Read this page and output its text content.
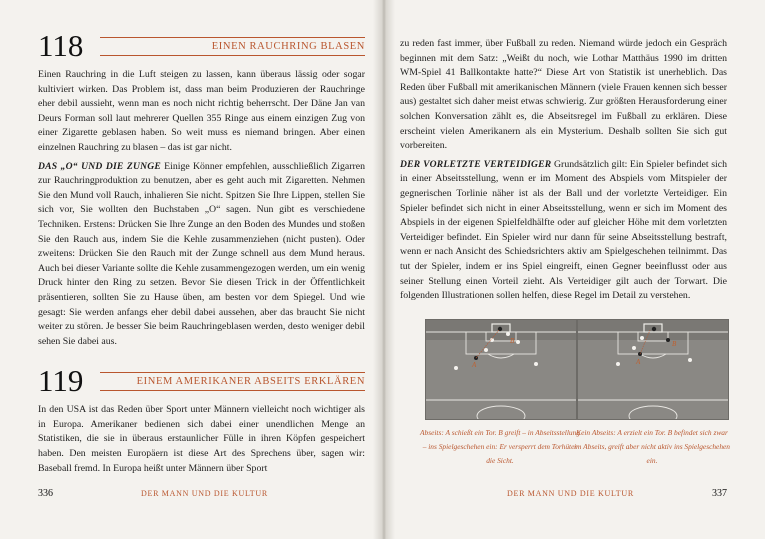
118	EINEN RAUCHRING BLASEN

Einen Rauchring in die Luft steigen zu lassen, kann überaus lässig oder sogar kultiviert wirken. Das Problem ist, dass man beim Produzieren der Rauchringe eher debil aussieht, wenn man es noch nicht richtig beherrscht. Der Däne Jan van Deurs Forman soll laut mehrerer Quellen 355 Ringe aus einem einzigen Zug von einer Zigarette geblasen haben. So weit muss es niemand bringen. Aber einen einzelnen Rauchring zu blasen – das ist gar nicht.

DAS „O“ UND DIE ZUNGE Einige Könner empfehlen, ausschließlich Zigarren zur Rauchringproduktion zu benutzen, aber es geht auch mit Zigaretten. Nehmen Sie den Mund voll Rauch, inhalieren Sie nicht. Spitzen Sie Ihre Lippen, stellen Sie sich vor, Sie wollten den Buchstaben „O“ sagen. Nun gibt es verschiedene Techniken. Erstens: Drücken Sie Ihre Zunge an den Boden des Mundes und stoßen Sie den Rauch aus, indem Sie die Kehle zusammenziehen (nicht pusten). Oder zweitens: Drücken Sie den Rauch mit der Zunge schnell aus dem Mund heraus. Auch bei dieser Variante sollte die Kehle zusammengezogen werden, um ein wenig Druck hinter den Ring zu setzen. Bevor Sie diesen Trick in der Öffentlichkeit präsentieren, sollten Sie zu Hause üben, am besten vor dem Spiegel. Und wie gesagt: Sie werden anfangs eher debil dabei aussehen, aber das braucht Sie nicht weiter zu stören. Je besser Sie beim Rauchringeblasen werden, desto weniger debil sehen Sie dabei aus.

119	EINEM AMERIKANER ABSEITS ERKLÄREN

In den USA ist das Reden über Sport unter Männern vielleicht noch wichtiger als in Europa. Amerikaner bedienen sich dabei einer unendlichen Menge an Statistiken, die sie in überaus erstaunlicher Fülle in ihren Köpfen gespeichert haben. Den meisten Europäern ist diese Art des Sprechens über, sagen wir: Baseball fremd. In Europa heißt unter Männern über Sport

336	DER MANN UND DIE KULTUR

zu reden fast immer, über Fußball zu reden. Niemand würde jedoch ein Gespräch beginnen mit dem Satz: „Weißt du noch, wie Lothar Matthäus 1990 im dritten WM-Spiel 41 Ballkontakte hatte?“ Diese Art von Statistik ist unerheblich. Das Reden über Fußball mit amerikanischen Männern (viele Frauen kennen sich besser aus) gestaltet sich daher meist etwas schwierig. Zur größten Herausforderung einer solchen Konversation zählt es, die Abseitsregel im Fußball zu erklären. Diese erscheint vielen Amerikanern als ein Mysterium. Deshalb sollten Sie sich gut vorbereiten.

DER VORLETZTE VERTEIDIGER Grundsätzlich gilt: Ein Spieler befindet sich in einer Abseitsstellung, wenn er im Moment des Abspiels vom Mitspieler der gegnerischen Torlinie näher ist als der Ball und der vorletzte Verteidiger. Ein Spieler befindet sich nicht in einer Abseitsstellung, wenn er sich im Moment des Abspiels in der eigenen Spielfeldhälfte oder auf gleicher Höhe mit dem vorletzten Verteidiger befindet. Ein Spieler wird nur dann für seine Abseitsstellung bestraft, wenn er nach Ansicht des Schiedsrichters aktiv am Spielgeschehen teilnimmt. Das tut der Spieler, indem er ins Spiel eingreift, einen Gegner beeinflusst oder aus seiner Stellung einen Vorteil zieht. Als Verteidiger gilt auch der Torwart. Die folgenden Illustrationen sollen helfen, diese Regel im Detail zu verstehen.

A
B
Abseits: A schießt ein Tor. B greift – in Abseitsstellung – ins Spielgeschehen ein: Er versperrt dem Torhüter die Sicht.
A
B
Kein Abseits: A erzielt ein Tor. B befindet sich zwar im Abseits, greift aber nicht aktiv ins Spielgeschehen ein.
DER MANN UND DIE KULTUR	337
